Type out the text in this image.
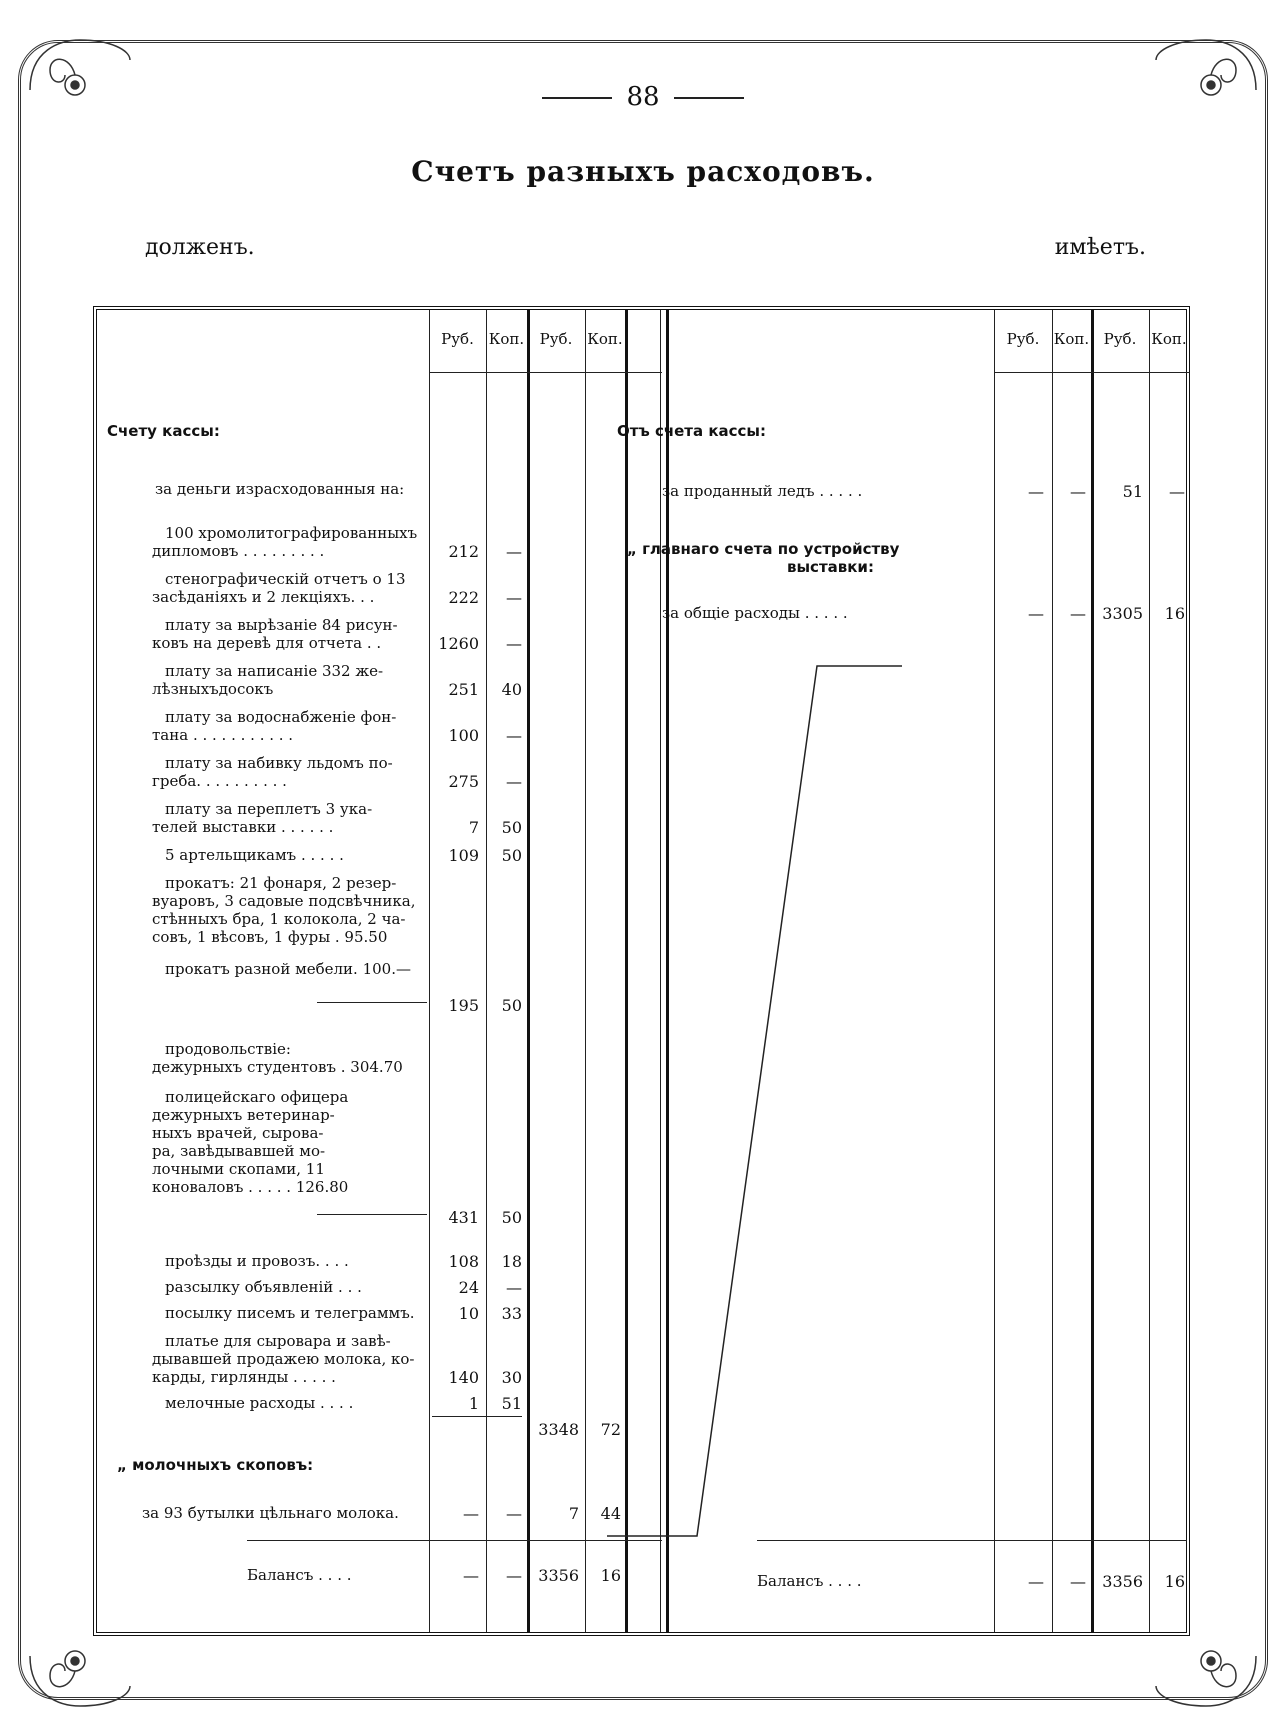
88
Счетъ разныхъ расходовъ.
долженъ.	имѣетъ.
Руб. Коп.	Руб. Коп.	Руб. Коп. Руб. Коп.
Счету кассы:
за деньги израсходованныя на:
100 хромолитографированныхъ
дипломовъ . . . . . . . . .	212	—
стенографическій отчетъ о 13
засѣданіяхъ и 2 лекціяхъ. . .	222	—
плату за вырѣзаніе 84 рисун-
ковъ на деревѣ для отчета . .	1260	—
плату за написаніе 332 же-
лѣзныхъдосокъ	251	40
плату за водоснабженіе фон-
тана . . . . . . . . . . .	100	—
плату за набивку льдомъ по-
греба. . . . . . . . . .	275	—
плату за переплетъ 3 ука-
телей выставки . . . . . .	7	50
5 артельщикамъ . . . . .	109	50
прокатъ: 21 фонаря, 2 резер-
вуаровъ, 3 садовые подсвѣчника,
стѣнныхъ бра, 1 колокола, 2 ча-
совъ, 1 вѣсовъ, 1 фуры . 95.50
прокатъ разной мебели. 100.—
195	50
продовольствіе:
дежурныхъ студентовъ . 304.70
полицейскаго офицера
дежурныхъ ветеринар-
ныхъ врачей, сырова-
ра, завѣдывавшей мо-
лочными скопами, 11
коноваловъ . . . . . 126.80
431	50
проѣзды и провозъ. . . .	108	18
разсылку объявленій . . .	24	—
посылку писемъ и телеграммъ.	10	33
платье для сыровара и завѣ-
дывавшей продажею молока, ко-
карды, гирлянды . . . . .	140	30
мелочные расходы . . . .	1	51
3348	72
„ молочныхъ скоповъ:
за 93 бутылки цѣльнаго молока.	—	—	7	44
Балансъ . . . .	—	—	3356	16
Отъ счета кассы:
за проданный ледъ . . . . .	—	—	51	—
„ главнаго счета по устройству
выставки:
за общіе расходы . . . . .	—	—	3305	16
Балансъ . . . .	—	—	3356	16
